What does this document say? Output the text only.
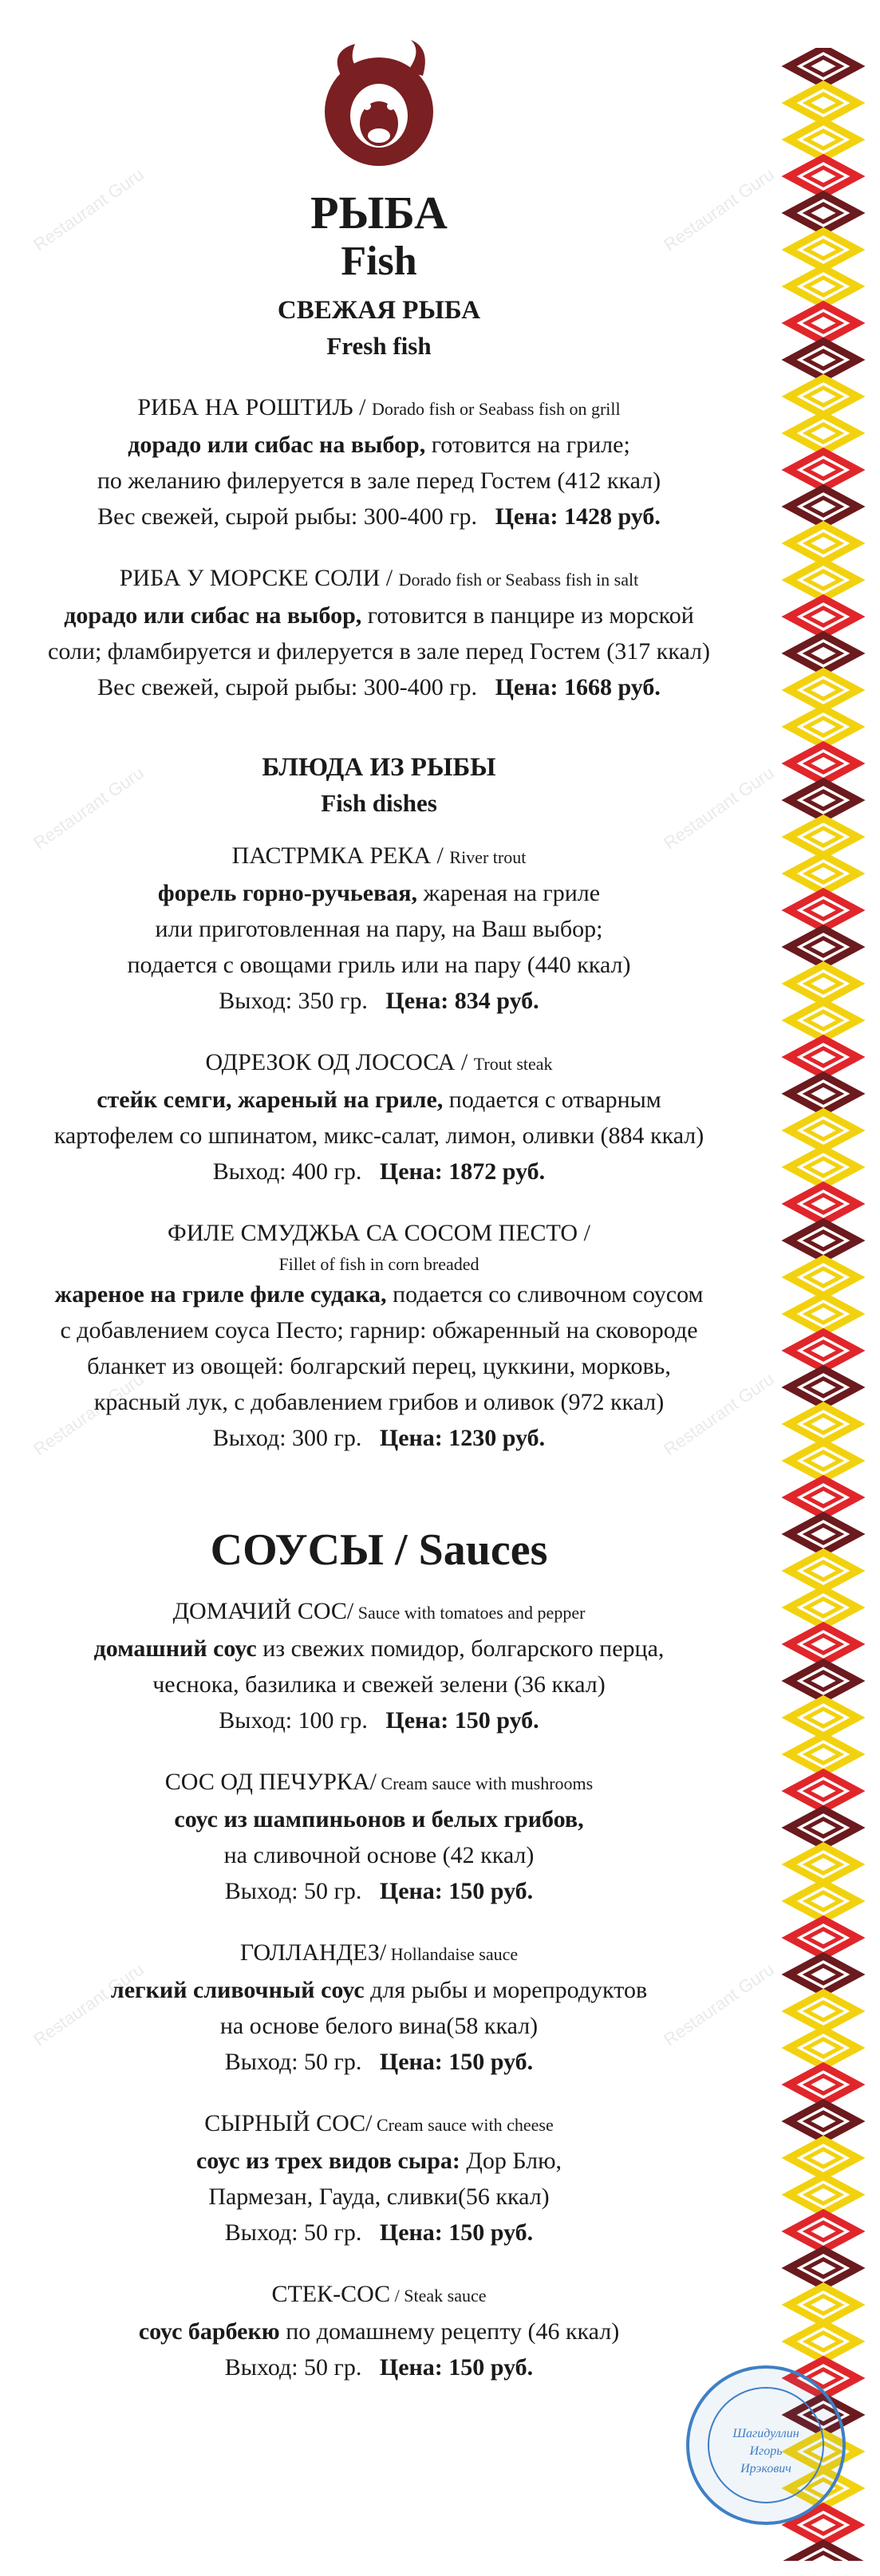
Restaurant Guru	Restaurant Guru
Restaurant Guru	Restaurant Guru
Restaurant Guru	Restaurant Guru
Restaurant Guru	Restaurant Guru
РЫБА
Fish
СВЕЖАЯ РЫБА
Fresh fish
РИБА НА РОШТИЉ / Dorado fish or Seabass fish on grill
дорадо или сибас на выбор, готовится на гриле;
по желанию филеруется в зале перед Гостем (412 ккал)
Вес свежей, сырой рыбы: 300-400 гр. Цена: 1428 руб.
РИБА У МОРСКЕ СОЛИ / Dorado fish or Seabass fish in salt
дорадо или сибас на выбор, готовится в панцире из морской
соли; фламбируется и филеруется в зале перед Гостем (317 ккал)
Вес свежей, сырой рыбы: 300-400 гр. Цена: 1668 руб.
БЛЮДА ИЗ РЫБЫ
Fish dishes
ПАСТРМКА РЕКА / River trout
форель горно-ручьевая, жареная на гриле
или приготовленная на пару, на Ваш выбор;
подается с овощами гриль или на пару (440 ккал)
Выход: 350 гр. Цена: 834 руб.
ОДРЕЗОК ОД ЛОСОСА / Trout steak
стейк семги, жареный на гриле, подается с отварным
картофелем со шпинатом, микс-салат, лимон, оливки (884 ккал)
Выход: 400 гр. Цена: 1872 руб.
ФИЛЕ СМУДЖЬА СА СОСОМ ПЕСТО /
Fillet of fish in corn breaded
жареное на гриле филе судака, подается со сливочном соусом
с добавлением соуса Песто; гарнир: обжаренный на сковороде
бланкет из овощей: болгарский перец, цуккини, морковь,
красный лук, с добавлением грибов и оливок (972 ккал)
Выход: 300 гр. Цена: 1230 руб.
СОУСЫ / Sauces
ДОМАЧИЙ СОС/ Sauce with tomatoes and pepper
домашний соус из свежих помидор, болгарского перца,
чеснока, базилика и свежей зелени (36 ккал)
Выход: 100 гр. Цена: 150 руб.
СОС ОД ПЕЧУРКА/ Cream sauce with mushrooms
соус из шампиньонов и белых грибов,
на сливочной основе (42 ккал)
Выход: 50 гр. Цена: 150 руб.
ГОЛЛАНДЕЗ/ Hollandaise sauce
легкий сливочный соус для рыбы и морепродуктов
на основе белого вина(58 ккал)
Выход: 50 гр. Цена: 150 руб.
СЫРНЫЙ СОС/ Cream sauce with cheese
соус из трех видов сыра: Дор Блю,
Пармезан, Гауда, сливки(56 ккал)
Выход: 50 гр. Цена: 150 руб.
СТЕК-СОС / Steak sauce
соус барбекю по домашнему рецепту (46 ккал)
Выход: 50 гр. Цена: 150 руб.
Шагидуллин
Игорь
Ирэкович
